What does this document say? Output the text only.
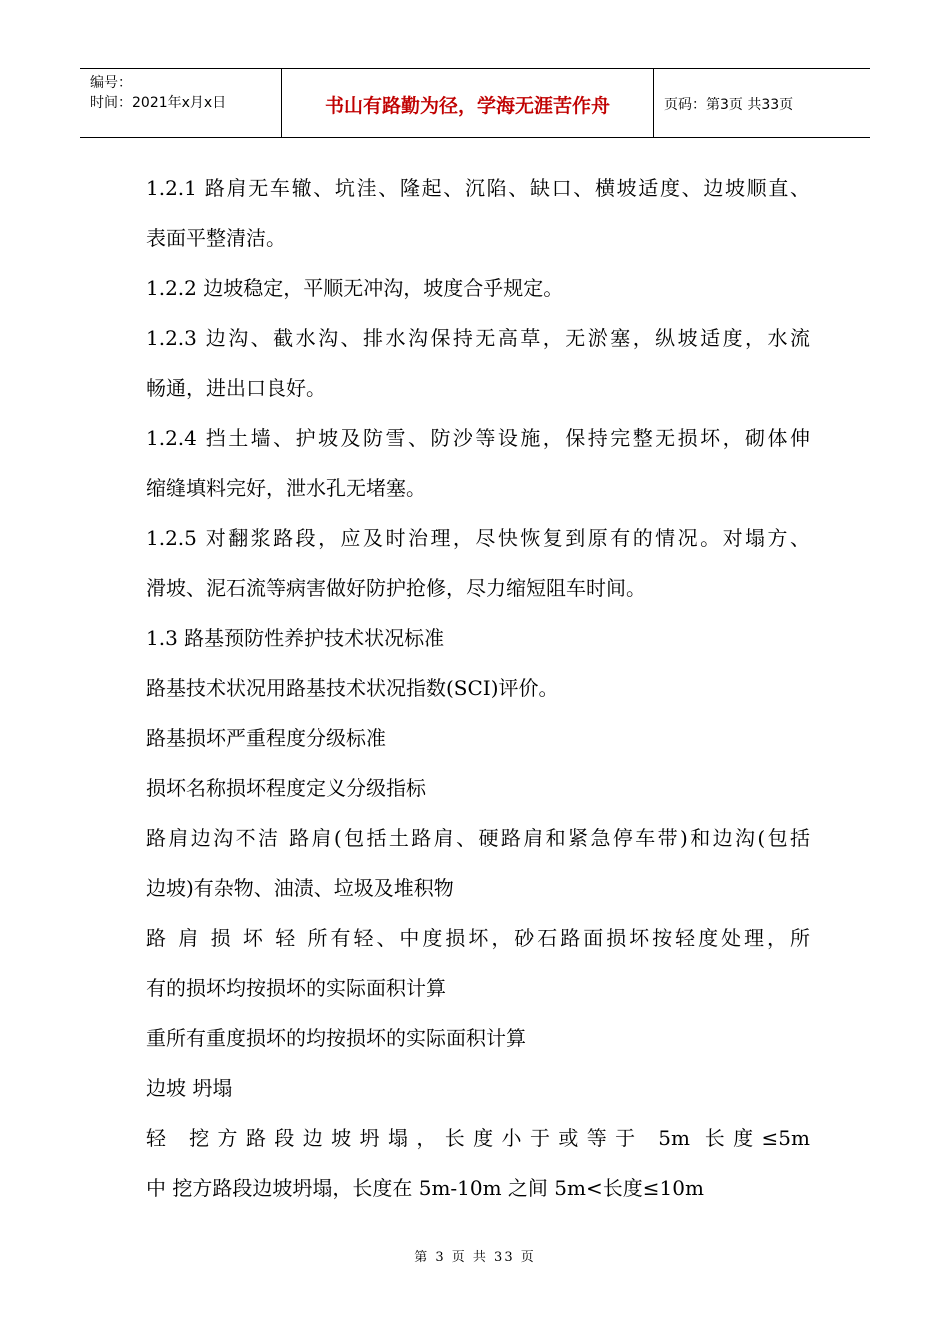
编号：
时间：2021年x月x日	书山有路勤为径，学海无涯苦作舟	页码：第3页 共33页
1.2.1 路肩无车辙、坑洼、隆起、沉陷、缺口、横坡适度、边坡顺直、
表面平整清洁。
1.2.2 边坡稳定，平顺无冲沟，坡度合乎规定。
1.2.3 边沟、截水沟、排水沟保持无高草，无淤塞，纵坡适度，水流
畅通，进出口良好。
1.2.4 挡土墙、护坡及防雪、防沙等设施，保持完整无损坏，砌体伸
缩缝填料完好，泄水孔无堵塞。
1.2.5 对翻浆路段，应及时治理，尽快恢复到原有的情况。对塌方、
滑坡、泥石流等病害做好防护抢修，尽力缩短阻车时间。
1.3 路基预防性养护技术状况标准
路基技术状况用路基技术状况指数(SCI)评价。
路基损坏严重程度分级标准
损坏名称损坏程度定义分级指标
路肩边沟不洁 路肩(包括土路肩、硬路肩和紧急停车带)和边沟(包括
边坡)有杂物、油渍、垃圾及堆积物
路 肩 损 坏 轻 所有轻、中度损坏，砂石路面损坏按轻度处理，所
有的损坏均按损坏的实际面积计算
重所有重度损坏的均按损坏的实际面积计算
边坡 坍塌
轻 挖方路段边坡坍塌，长度小于或等于 5m 长度≤5m
中 挖方路段边坡坍塌，长度在 5m-10m 之间 5m<长度≤10m
第 3 页 共 33 页
